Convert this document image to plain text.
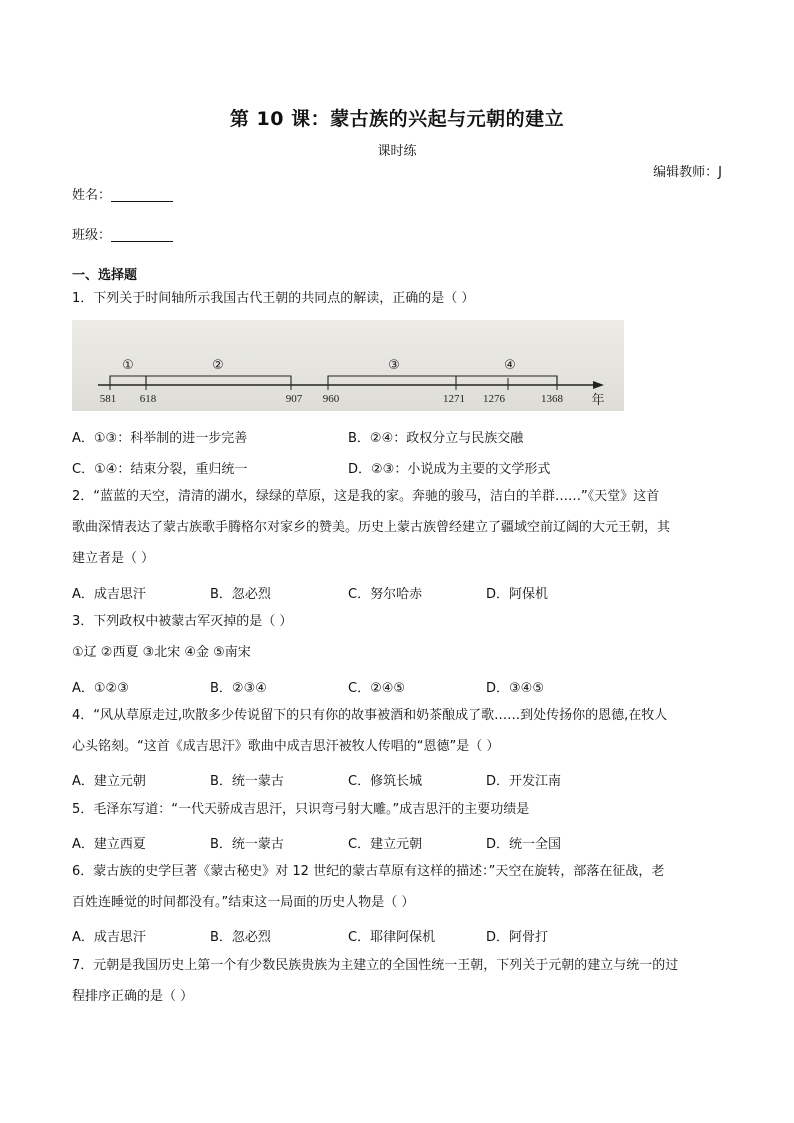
第 10 课：蒙古族的兴起与元朝的建立
课时练
编辑教师：J
姓名：
班级：
一、选择题
1．下列关于时间轴所示我国古代王朝的共同点的解读，正确的是（ ）
①	②	③	④
581 618	907 960	1271 1276	1368 年
A．①③：科举制的进一步完善	B．②④：政权分立与民族交融
C．①④：结束分裂，重归统一	D．②③：小说成为主要的文学形式
2．“蓝蓝的天空，清清的湖水，绿绿的草原，这是我的家。奔驰的骏马，洁白的羊群……”《天堂》这首
歌曲深情表达了蒙古族歌手腾格尔对家乡的赞美。历史上蒙古族曾经建立了疆域空前辽阔的大元王朝，其
建立者是（ ）
A．成吉思汗	B．忽必烈	C．努尔哈赤	D．阿保机
3．下列政权中被蒙古军灭掉的是（ ）
①辽 ②西夏 ③北宋 ④金 ⑤南宋
A．①②③	B．②③④	C．②④⑤	D．③④⑤
4．“风从草原走过,吹散多少传说留下的只有你的故事被酒和奶茶酿成了歌……到处传扬你的恩德,在牧人
心头铭刻。“这首《成吉思汗》歌曲中成吉思汗被牧人传唱的“恩德”是（ ）
A．建立元朝	B．统一蒙古	C．修筑长城	D．开发江南
5．毛泽东写道：“一代天骄成吉思汗，只识弯弓射大雕。”成吉思汗的主要功绩是
A．建立西夏	B．统一蒙古	C．建立元朝	D．统一全国
6．蒙古族的史学巨著《蒙古秘史》对 12 世纪的蒙古草原有这样的描述：”天空在旋转，部落在征战，老
百姓连睡觉的时间都没有。”结束这一局面的历史人物是（ ）
A．成吉思汗	B．忽必烈	C．耶律阿保机	D．阿骨打
7．元朝是我国历史上第一个有少数民族贵族为主建立的全国性统一王朝，下列关于元朝的建立与统一的过
程排序正确的是（ ）
